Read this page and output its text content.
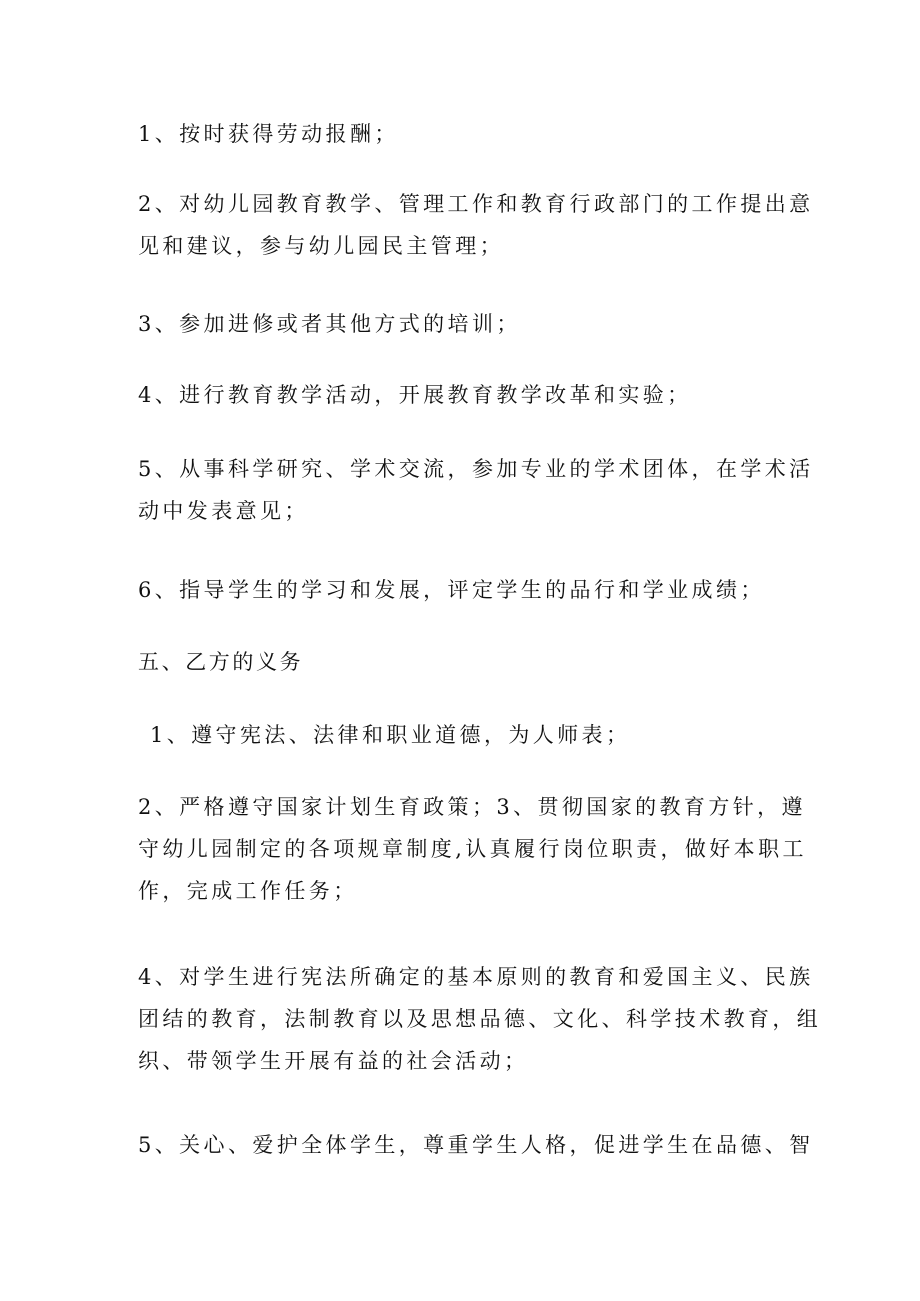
1、按时获得劳动报酬；

2、对幼儿园教育教学、管理工作和教育行政部门的工作提出意
见和建议，参与幼儿园民主管理；

3、参加进修或者其他方式的培训；

4、进行教育教学活动，开展教育教学改革和实验；

5、从事科学研究、学术交流，参加专业的学术团体，在学术活
动中发表意见；

6、指导学生的学习和发展，评定学生的品行和学业成绩；

五、乙方的义务

1、遵守宪法、法律和职业道德，为人师表；

2、严格遵守国家计划生育政策；3、贯彻国家的教育方针，遵
守幼儿园制定的各项规章制度,认真履行岗位职责，做好本职工
作，完成工作任务；

4、对学生进行宪法所确定的基本原则的教育和爱国主义、民族
团结的教育，法制教育以及思想品德、文化、科学技术教育，组
织、带领学生开展有益的社会活动；

5、关心、爱护全体学生，尊重学生人格，促进学生在品德、智
